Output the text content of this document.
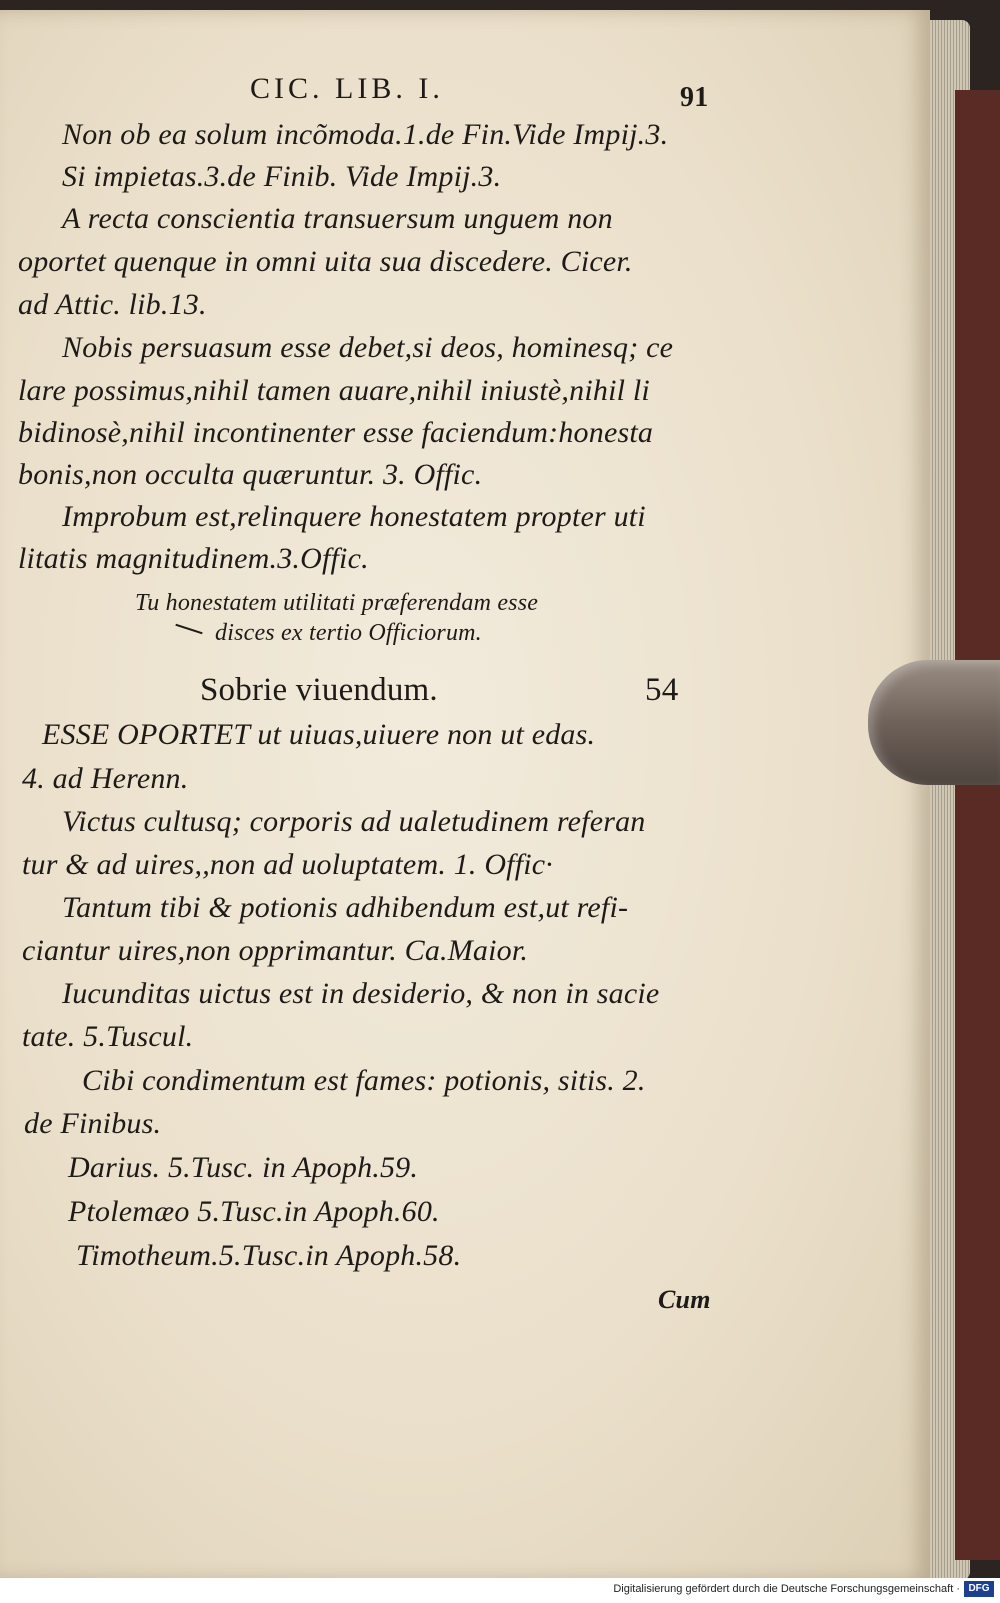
CIC. LIB. I.	91
Non ob ea solum incõmoda.1.de Fin.Vide Impij.3.
Si impietas.3.de Finib. Vide Impij.3.
A recta conscientia transuersum unguem non
oportet quenque in omni uita sua discedere. Cicer.
ad Attic. lib.13.
Nobis persuasum esse debet,si deos, hominesq; ce
lare possimus,nihil tamen auare,nihil iniustè,nihil li
bidinosè,nihil incontinenter esse faciendum:honesta
bonis,non occulta quæruntur. 3. Offic.
Improbum est,relinquere honestatem propter uti
litatis magnitudinem.3.Offic.
Tu honestatem utilitati præferendam esse
disces ex tertio Officiorum.
Sobrie viuendum.	54
ESSE OPORTET ut uiuas,uiuere non ut edas.
4. ad Herenn.
Victus cultusq; corporis ad ualetudinem referan
tur & ad uires,,non ad uoluptatem. 1. Offic·
Tantum tibi & potionis adhibendum est,ut refi-
ciantur uires,non opprimantur. Ca.Maior.
Iucunditas uictus est in desiderio, & non in sacie
tate. 5.Tuscul.
Cibi condimentum est fames: potionis, sitis. 2.
de Finibus.
Darius. 5.Tusc. in Apoph.59.
Ptolemæo 5.Tusc.in Apoph.60.
Timotheum.5.Tusc.in Apoph.58.
Cum
Digitalisierung gefördert durch die Deutsche Forschungsgemeinschaft · DFG
